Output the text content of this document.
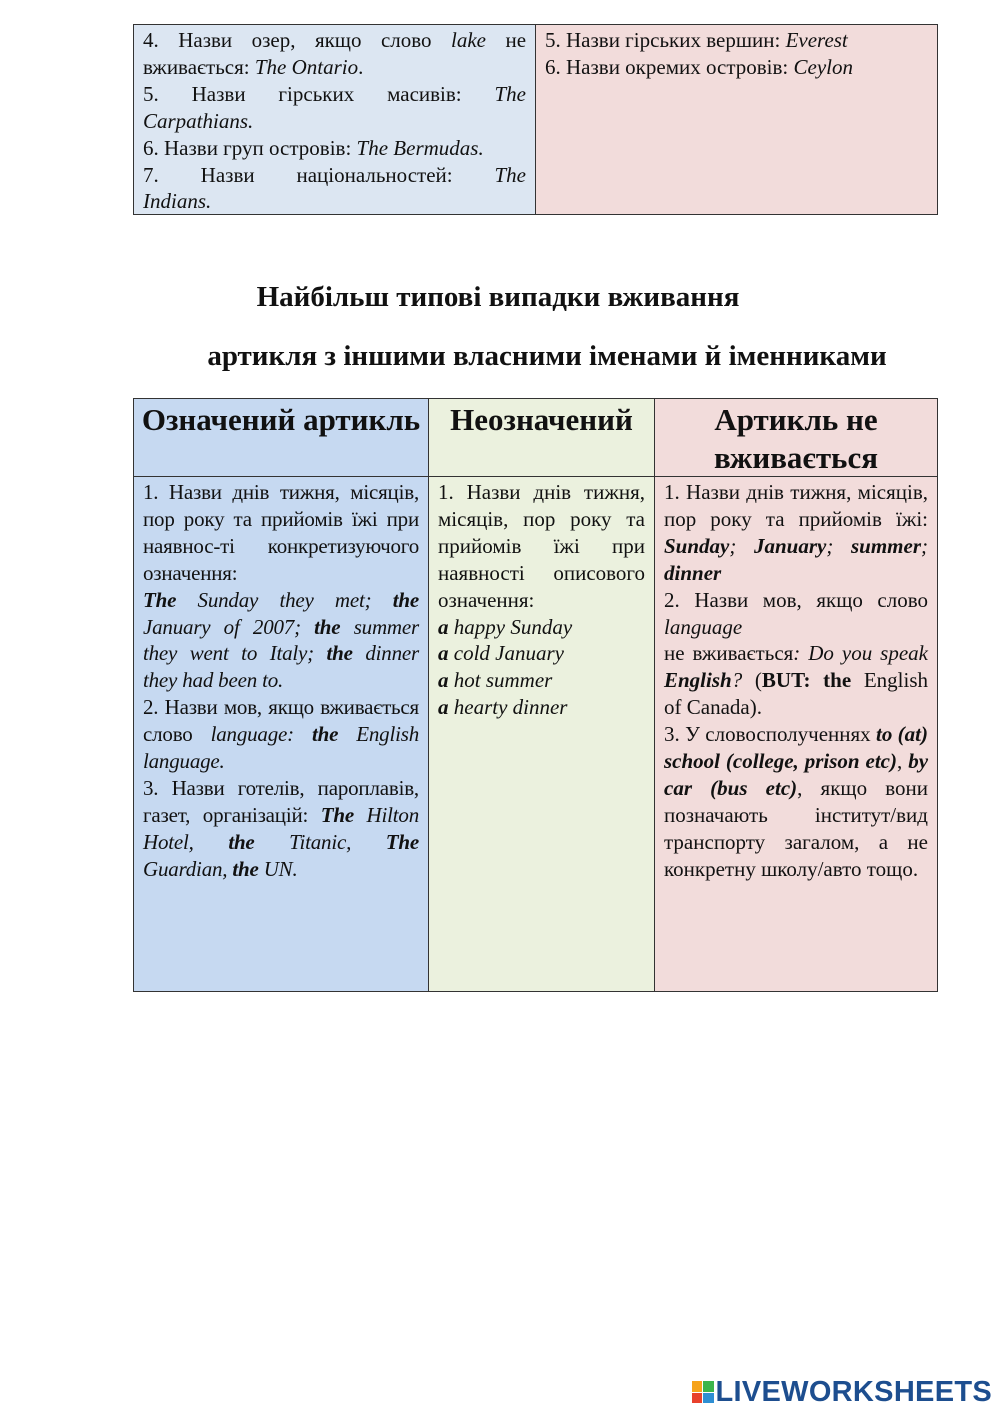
4. Назви озер, якщо слово lake не

вживається: The Ontario.

5. Назви гірських масивів: The

Carpathians.

6. Назви груп островів: The Bermudas.

7. Назви національностей: The

Indians.

5. Назви гірських вершин: Everest

6. Назви окремих островів: Ceylon

Найбільш типові випадки вживання

артикля з іншими власними іменами й іменниками

Означений артикль Неозначений	Артикль не вживається

1. Назви днів тижня, місяців, пор року та прийомів їжі при наявнос-ті конкретизуючого означення:
The Sunday they met; the January of 2007; the summer they went to Italy; the dinner they had been to.

2. Назви мов, якщо вживається слово language: the English language.

3. Назви готелів, пароплавів, газет, організацій: The Hilton Hotel, the Titanic, The Guardian, the UN.

1. Назви днів тижня, місяців, пор року та прийомів їжі при наявності описового означення:

a happy Sunday

a cold January

a hot summer

a hearty dinner

1. Назви днів тижня, місяців, пор року та прийомів їжі: Sunday; January; summer; dinner

2. Назви мов, якщо слово language
не вживається: Do you speak English? (BUT: the English of Canada).

3. У словосполученнях to (at) school (college, prison etc), by car (bus etc), якщо вони позначають інститут/вид транспорту загалом, а не конкретну школу/авто тощо.

LIVEWORKSHEETS
